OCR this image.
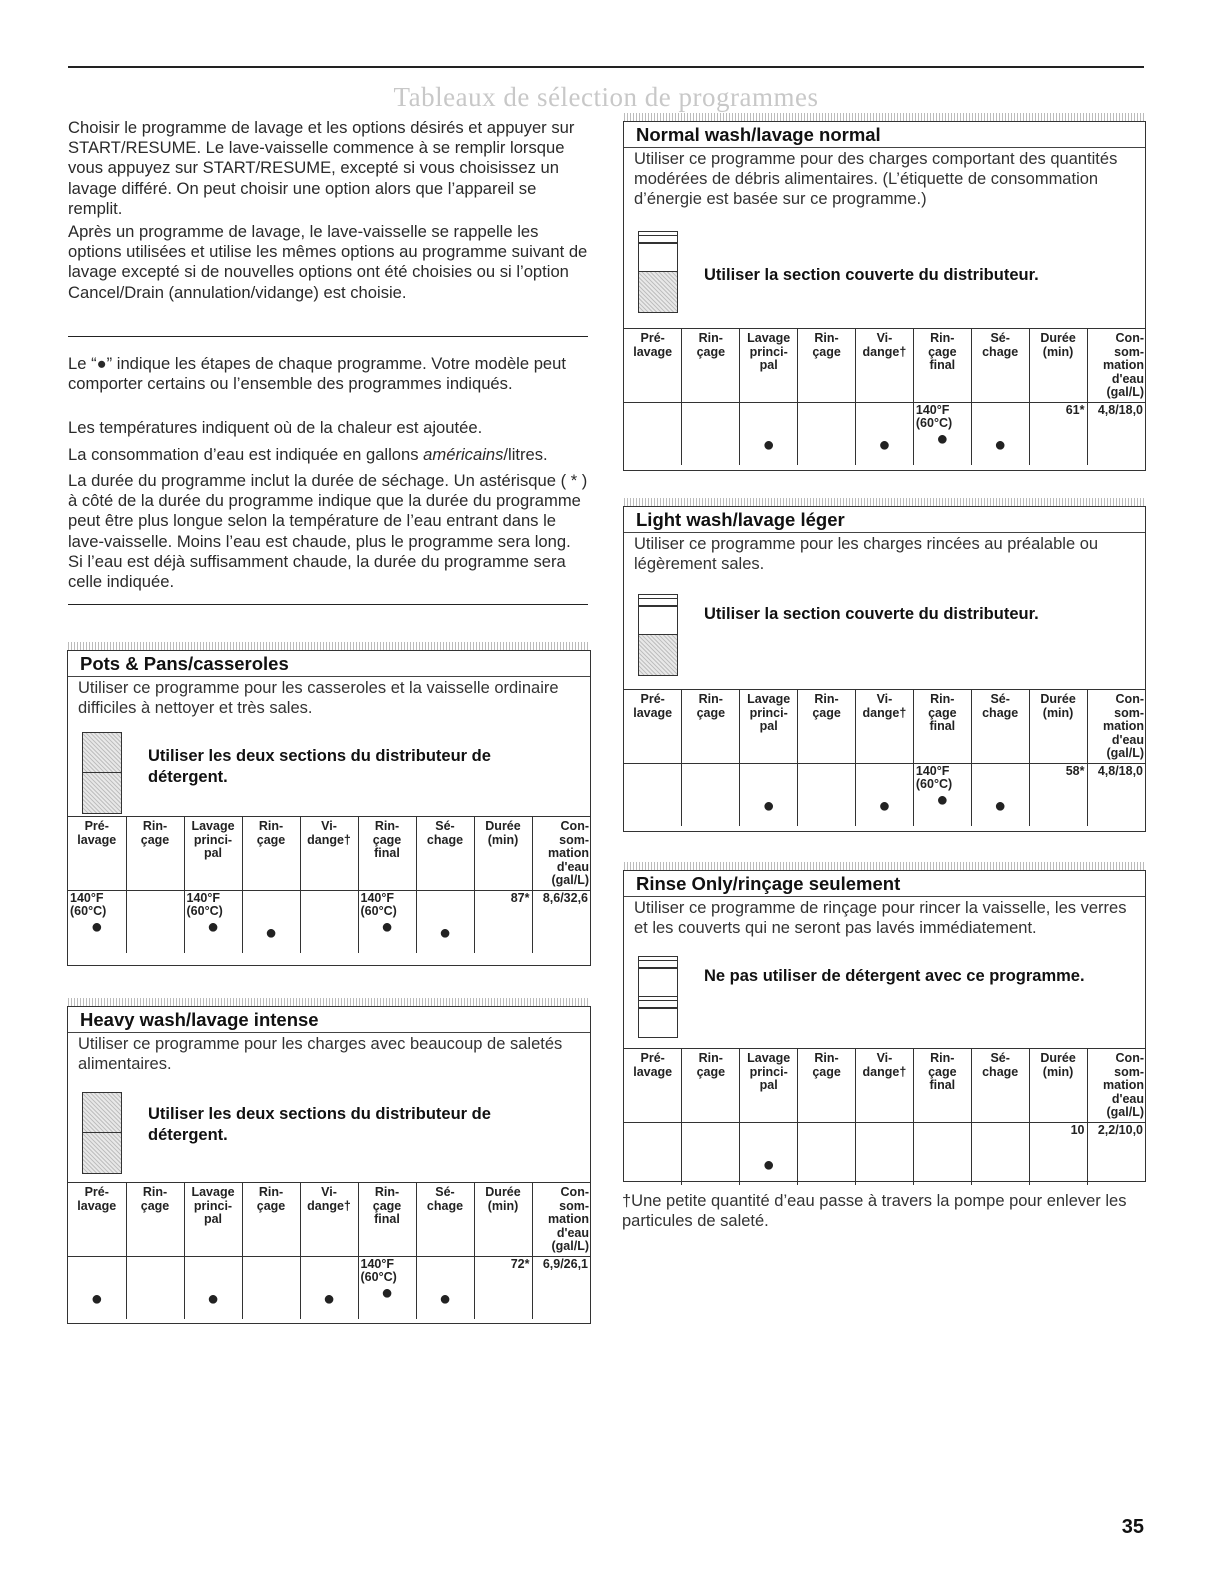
Tableaux de sélection de programmes

Choisir le programme de lavage et les options désirés et appuyer sur START/RESUME. Le lave-vaisselle commence à se remplir lorsque vous appuyez sur START/RESUME, excepté si vous choisissez un lavage différé. On peut choisir une option alors que l’appareil se remplit.

Après un programme de lavage, le lave-vaisselle se rappelle les options utilisées et utilise les mêmes options au programme suivant de lavage excepté si de nouvelles options ont été choisies ou si l’option Cancel/Drain (annulation/vidange) est choisie.

Le “●” indique les étapes de chaque programme. Votre modèle peut comporter certains ou l’ensemble des programmes indiqués.

Les températures indiquent où de la chaleur est ajoutée.

La consommation d’eau est indiquée en gallons américains/litres.

La durée du programme inclut la durée de séchage. Un astérisque ( * ) à côté de la durée du programme indique que la durée du programme peut être plus longue selon la température de l’eau entrant dans le lave-vaisselle. Moins l’eau est chaude, plus le programme sera long. Si l’eau est déjà suffisamment chaude, la durée du programme sera celle indiquée.

Pots & Pans/casseroles
Utiliser ce programme pour les casseroles et la vaisselle ordinaire difficiles à nettoyer et très sales.
Utiliser les deux sections du distributeur de détergent.
Pré-
lavage	Rin-
çage	Lavage
princi-
pal	Rin-
çage	Vi-
dange†	Rin-
çage
final	Sé-
chage	Durée
(min)	Con-
som-
mation
d'eau
(gal/L)

140°F
(60°C)
●		140°F
(60°C)
●	●		140°F
(60°C)
●	●	87*	8,6/32,6
Heavy wash/lavage intense
Utiliser ce programme pour les charges avec beaucoup de saletés alimentaires.
Utiliser les deux sections du distributeur de détergent.
Pré-
lavage	Rin-
çage	Lavage
princi-
pal	Rin-
çage	Vi-
dange†	Rin-
çage
final	Sé-
chage	Durée
(min)	Con-
som-
mation
d'eau
(gal/L)

●		●		●	140°F
(60°C)
●	●	72*	6,9/26,1
Normal wash/lavage normal
Utiliser ce programme pour des charges comportant des quantités modérées de débris alimentaires. (L’étiquette de consommation d’énergie est basée sur ce programme.)
Utiliser la section couverte du distributeur.
Pré-
lavage	Rin-
çage	Lavage
princi-
pal	Rin-
çage	Vi-
dange†	Rin-
çage
final	Sé-
chage	Durée
(min)	Con-
som-
mation
d'eau
(gal/L)

		●		●	140°F
(60°C)
●	●	61*	4,8/18,0
Light wash/lavage léger
Utiliser ce programme pour les charges rincées au préalable ou légèrement sales.
Utiliser la section couverte du distributeur.
Pré-
lavage	Rin-
çage	Lavage
princi-
pal	Rin-
çage	Vi-
dange†	Rin-
çage
final	Sé-
chage	Durée
(min)	Con-
som-
mation
d'eau
(gal/L)

		●		●	140°F
(60°C)
●	●	58*	4,8/18,0
Rinse Only/rinçage seulement
Utiliser ce programme de rinçage pour rincer la vaisselle, les verres et les couverts qui ne seront pas lavés immédiatement.
Ne pas utiliser de détergent avec ce programme.
Pré-
lavage	Rin-
çage	Lavage
princi-
pal	Rin-
çage	Vi-
dange†	Rin-
çage
final	Sé-
chage	Durée
(min)	Con-
som-
mation
d'eau
(gal/L)

		●					10	2,2/10,0
†Une petite quantité d’eau passe à travers la pompe pour enlever les particules de saleté.
35
